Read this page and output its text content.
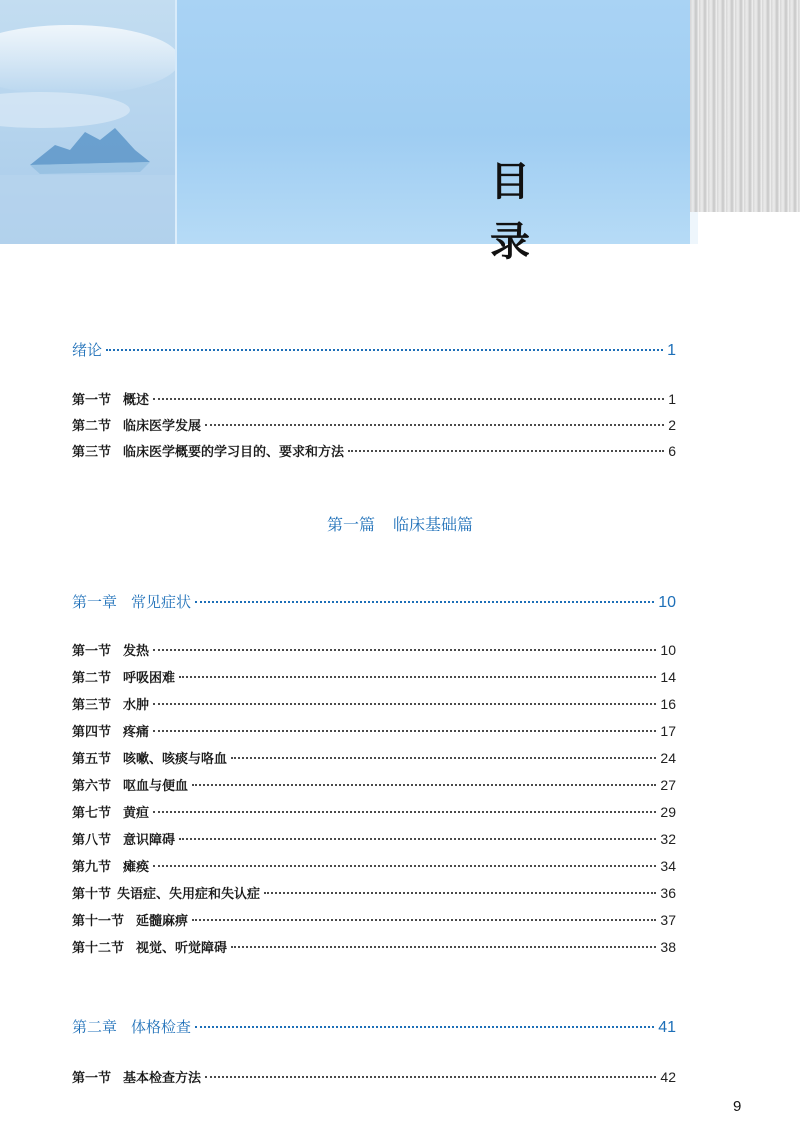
目 录
绪论	1
第一节 概述	1
第二节 临床医学发展	2
第三节 临床医学概要的学习目的、要求和方法	6
第一篇 临床基础篇
第一章 常见症状	10
第一节 发热	10
第二节 呼吸困难	14
第三节 水肿	16
第四节 疼痛	17
第五节 咳嗽、咳痰与咯血	24
第六节 呕血与便血	27
第七节 黄疸	29
第八节 意识障碍	32
第九节 瘫痪	34
第十节 失语症、失用症和失认症	36
第十一节 延髓麻痹	37
第十二节 视觉、听觉障碍	38
第二章 体格检查	41
第一节 基本检查方法	42
9
